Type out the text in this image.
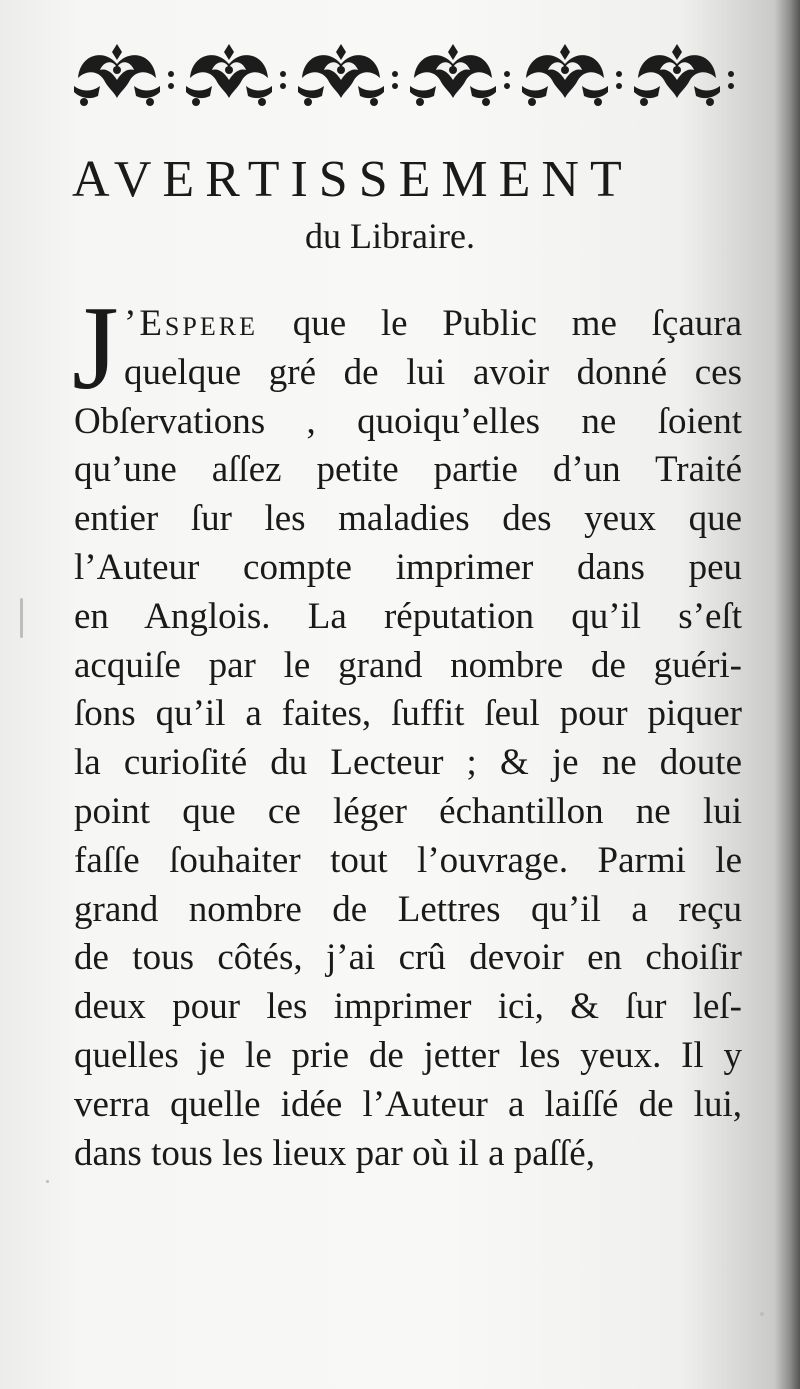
AVERTISSEMENT
du Libraire.
J ’Espere que le Public me ſçaura
quelque gré de lui avoir donné ces
Obſervations , quoiqu’elles ne ſoient
qu’une aſſez petite partie d’un Traité
entier ſur les maladies des yeux que
l’Auteur compte imprimer dans peu
en Anglois. La réputation qu’il s’eſt
acquiſe par le grand nombre de guéri-
ſons qu’il a faites, ſuffit ſeul pour piquer
la curioſité du Lecteur ; & je ne doute
point que ce léger échantillon ne lui
faſſe ſouhaiter tout l’ouvrage. Parmi le
grand nombre de Lettres qu’il a reçu
de tous côtés, j’ai crû devoir en choiſir
deux pour les imprimer ici, & ſur leſ-
quelles je le prie de jetter les yeux. Il y
verra quelle idée l’Auteur a laiſſé de lui,
dans tous les lieux par où il a paſſé,
